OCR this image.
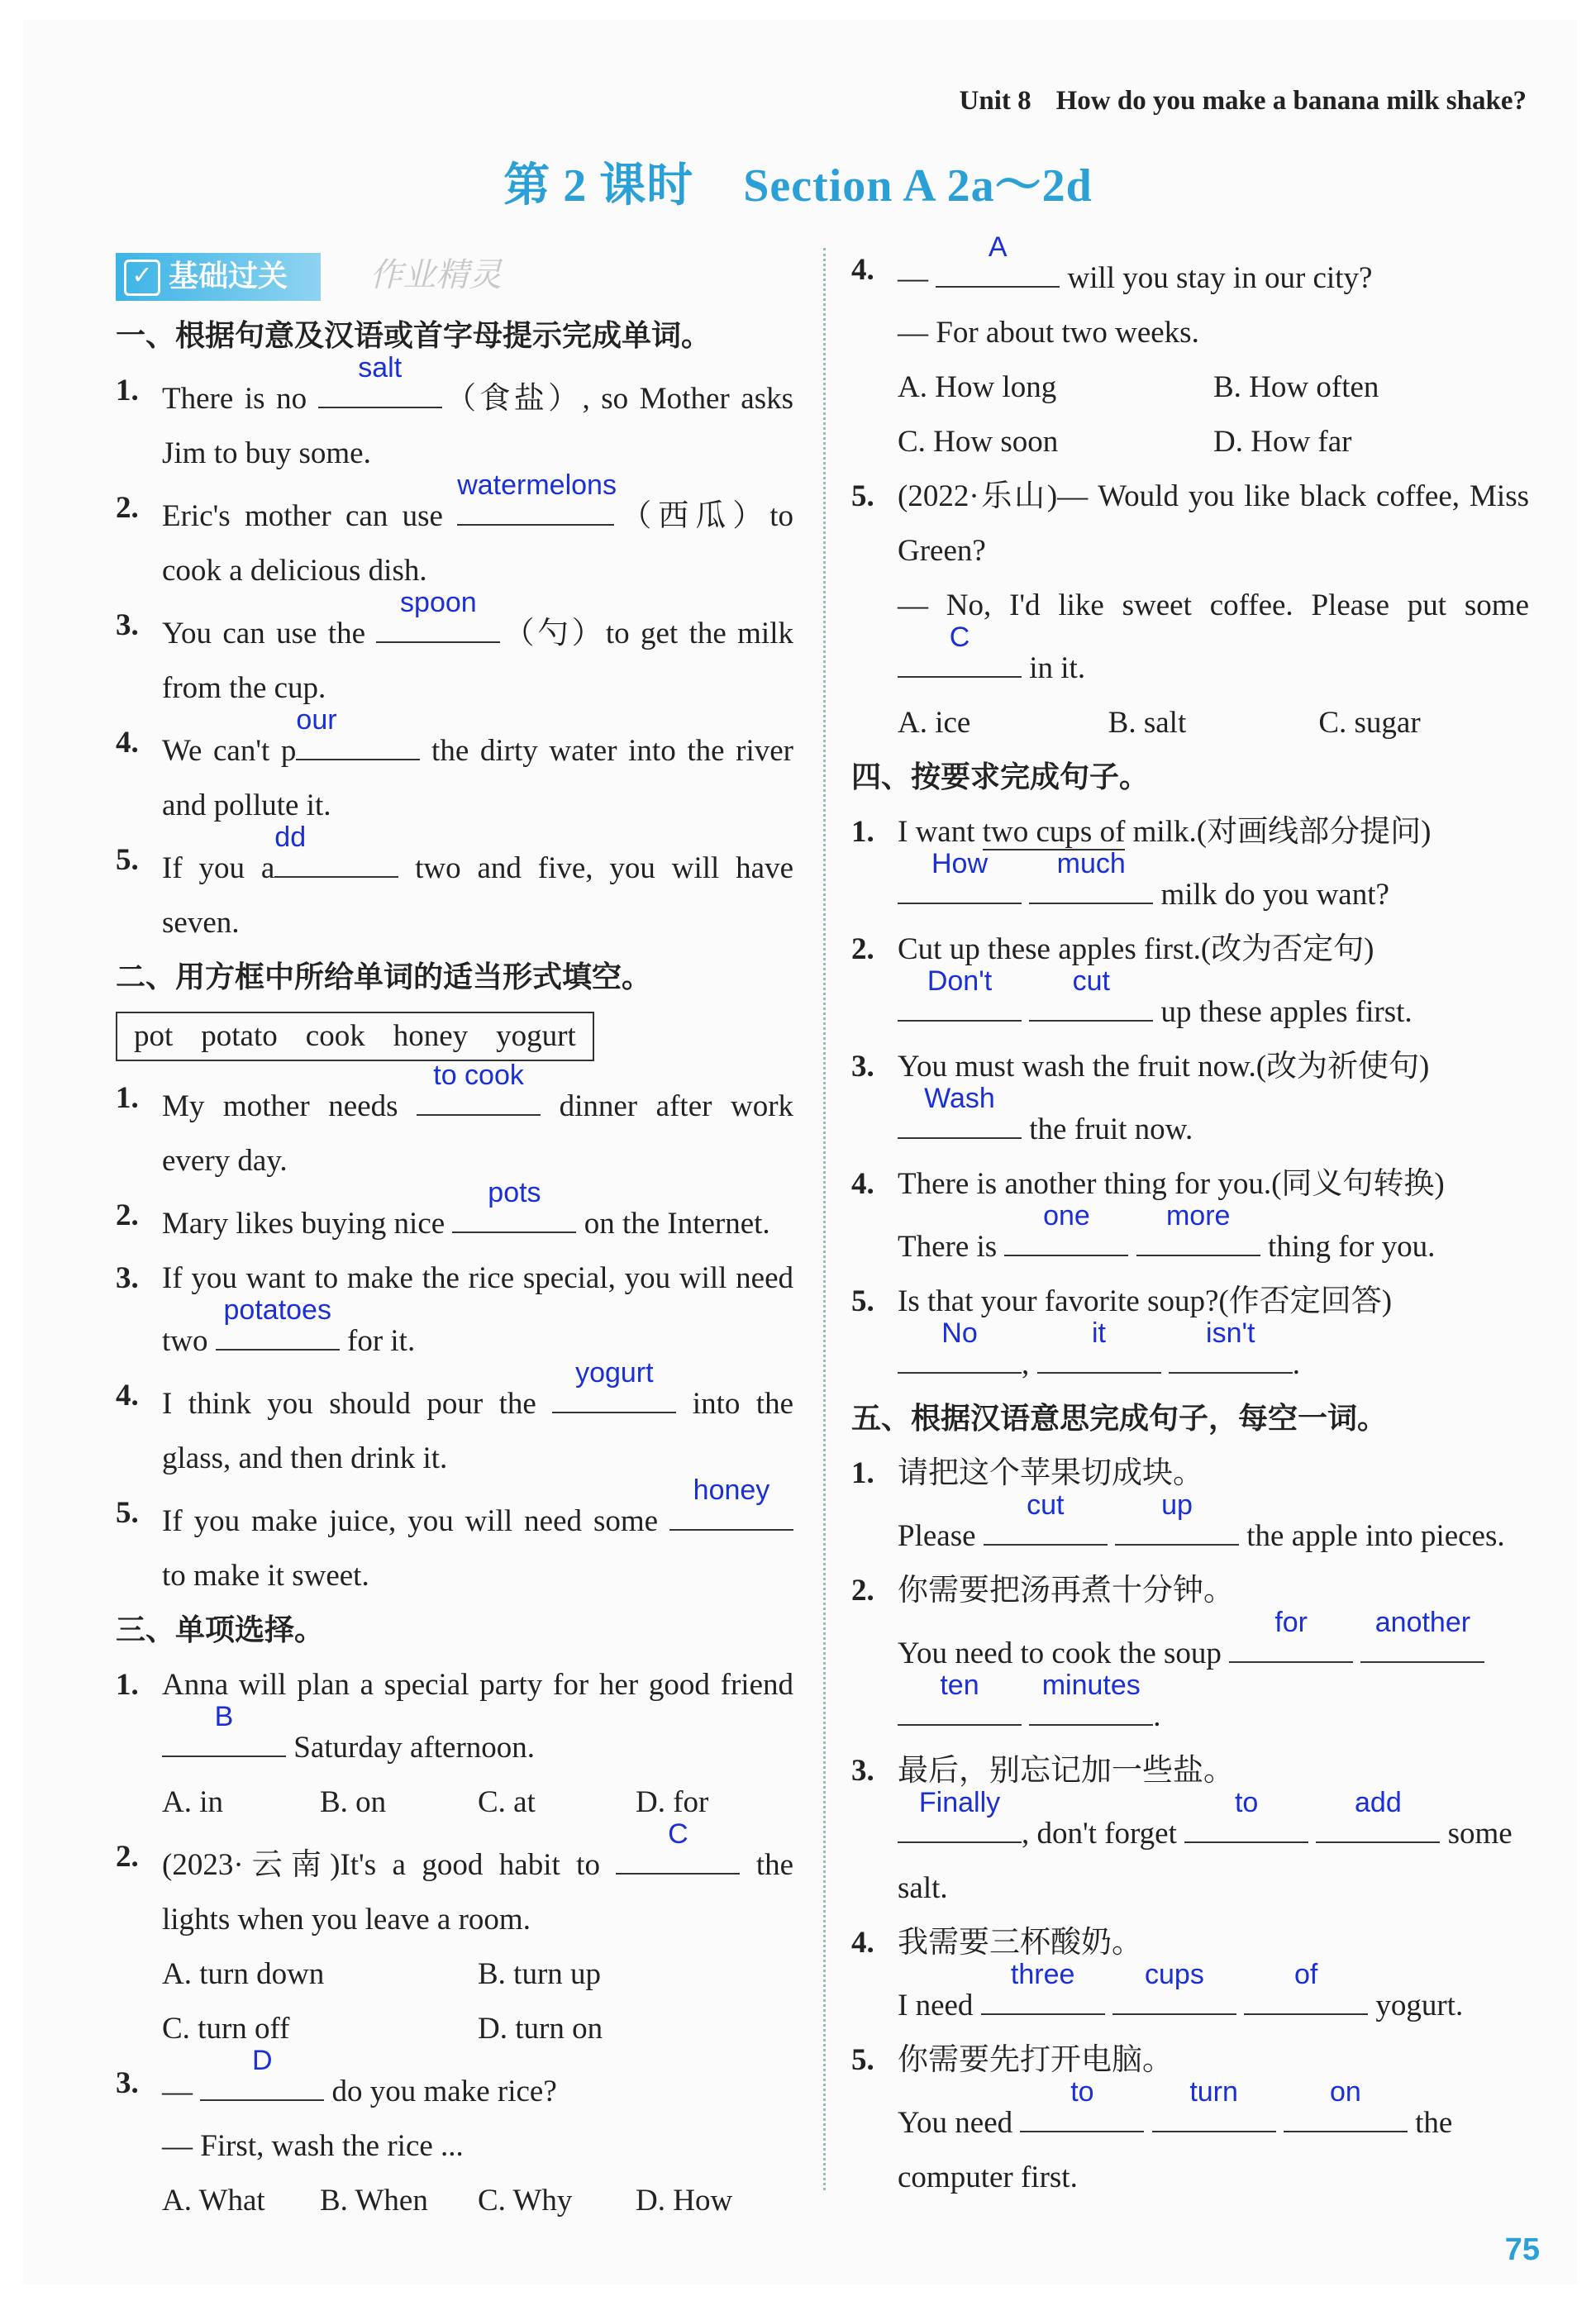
Unit 8 How do you make a banana milk shake?
第 2 课时 Section A 2a～2d
✓ 基础过关 作业精灵
一、根据句意及汉语或首字母提示完成单词。
1. There is no
salt
（食盐）, so Mother asks Jim to buy some.
2. Eric's mother can use
watermelons
（西瓜）to cook a delicious dish.
3. You can use the
spoon
（勺）to get the milk from the cup.
4. We can't p
our
the dirty water into the river and pollute it.
5. If you a
dd
two and five, you will have seven.
二、用方框中所给单词的适当形式填空。
pot potato cook honey yogurt
1. My mother needs
to cook
dinner after work every day.
2. Mary likes buying nice
pots
on the Internet.
3. If you want to make the rice special, you will need two
potatoes
for it.
4. I think you should pour the
yogurt
into the glass, and then drink it.
5. If you make juice, you will need some
honey
to make it sweet.
三、单项选择。
1. Anna will plan a special party for her good friend
B
Saturday afternoon.
A. in	B. on	C. at	D. for
2. (2023·云南)It's a good habit to
C
the lights when you leave a room.
A. turn down	B. turn up
C. turn off	D. turn on
3. —
D
do you make rice?
— First, wash the rice ...
A. What	B. When	C. Why	D. How
4. —
A
will you stay in our city?
— For about two weeks.
A. How long	B. How often
C. How soon	D. How far
5. (2022·乐山)— Would you like black coffee, Miss Green?
— No, I'd like sweet coffee. Please put some
C
in it.
A. ice	B. salt	C. sugar
四、按要求完成句子。
1. I want two cups of milk.(对画线部分提问)
How
	much
milk do you want?
2. Cut up these apples first.(改为否定句)
Don't
	cut
up these apples first.
3. You must wash the fruit now.(改为祈使句)
Wash
the fruit now.
4. There is another thing for you.(同义句转换)
There is
one
	more
thing for you.
5. Is that your favorite soup?(作否定回答)
No
,
it
	isn't
.
五、根据汉语意思完成句子，每空一词。
1. 请把这个苹果切成块。
Please
cut
	up
the apple into pieces.
2. 你需要把汤再煮十分钟。
You need to cook the soup
for
	another

ten
	minutes
.
3. 最后，别忘记加一些盐。
Finally
, don't forget
to
	add
some salt.
4. 我需要三杯酸奶。
I need
three
	cups
	of
yogurt.
5. 你需要先打开电脑。
You need
to
	turn
	on
the computer first.
75
